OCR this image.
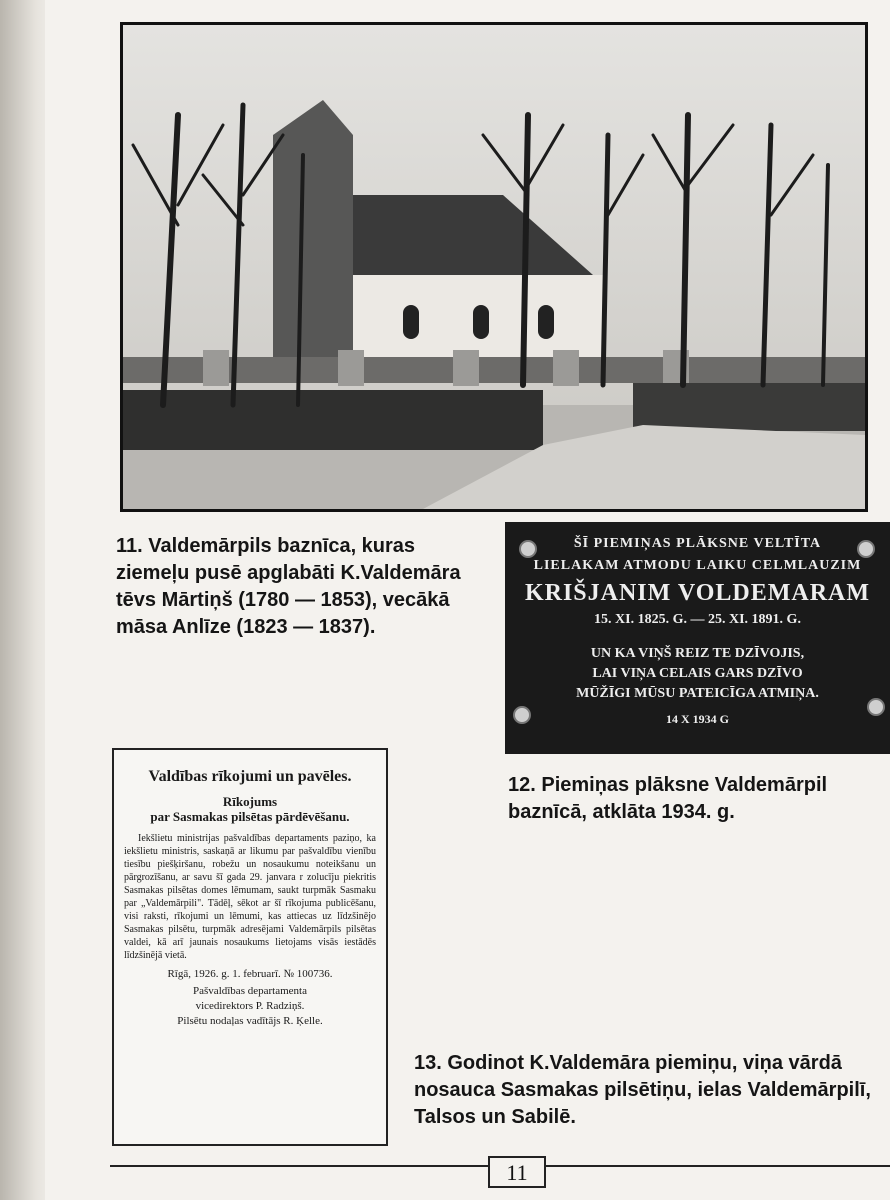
11. Valdemārpils baznīca, kuras ziemeļu pusē apglabāti K.Valdemāra tēvs Mārtiņš (1780 — 1853), vecākā māsa Anlīze (1823 — 1837).
ŠĪ PIEMIŅAS PLĀKSNE VELTĪTA
LIELAKAM ATMODU LAIKU CELMLAUZIM
KRIŠJANIM VOLDEMARAM
15. XI. 1825. G. — 25. XI. 1891. G.
UN KA VIŅŠ REIZ TE DZĪVOJIS,
LAI VIŅA CELAIS GARS DZĪVO
MŪŽĪGI MŪSU PATEICĪGA ATMIŅA.
14 X 1934 G
12. Piemiņas plāksne Valdemārpil
baznīcā, atklāta 1934. g.
Valdības rīkojumi un pavēles.
Rīkojums
par Sasmakas pilsētas pārdēvēšanu.
Iekšlietu ministrijas pašvaldības departaments paziņo, ka iekšlietu ministris, saskaņā ar likumu par pašvaldību vienību tiesību piešķiršanu, robežu un nosaukumu noteikšanu un pārgrozīšanu, ar savu šī gada 29. janvara r zolucīju piekritis Sasmakas pilsētas domes lēmumam, saukt turpmāk Sasmaku par „Valdemārpili". Tādēļ, sēkot ar šī rīkojuma publicēšanu, visi raksti, rīkojumi un lēmumi, kas attiecas uz līdzšinējo Sasmakas pilsētu, turpmāk adresējami Valdemārpils pilsētas valdei, kā arī jaunais nosaukums lietojams visās iestādēs līdzšinējā vietā.
Rīgā, 1926. g. 1. februarī. № 100736.
Pašvaldības departamenta
vicedirektors P. Radziņš.
Pilsētu nodaļas vadītājs R. Ķelle.
13. Godinot K.Valdemāra piemiņu, viņa vārdā nosauca Sasmakas pilsētiņu, ielas Valdemārpilī, Talsos un Sabilē.
11
